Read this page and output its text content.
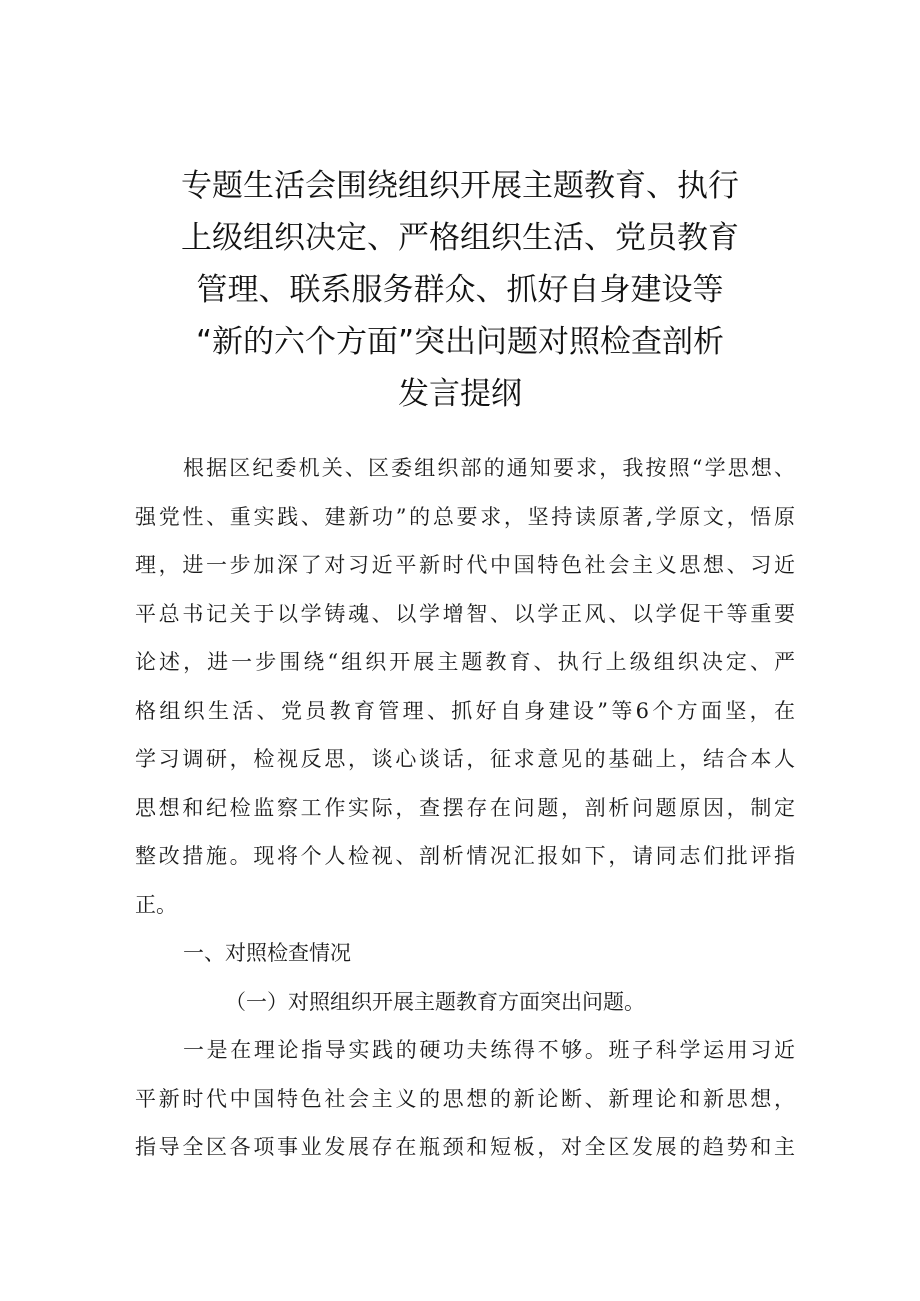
专题生活会围绕组织开展主题教育、执行
上级组织决定、严格组织生活、党员教育
管理、联系服务群众、抓好自身建设等
“新的六个方面”突出问题对照检查剖析
发言提纲
根据区纪委机关、区委组织部的通知要求，我按照“学思想、
强党性、重实践、建新功”的总要求，坚持读原著,学原文，悟原
理，进一步加深了对习近平新时代中国特色社会主义思想、习近
平总书记关于以学铸魂、以学增智、以学正风、以学促干等重要
论述，进一步围绕“组织开展主题教育、执行上级组织决定、严
格组织生活、党员教育管理、抓好自身建设”等6个方面坚，在
学习调研，检视反思，谈心谈话，征求意见的基础上，结合本人
思想和纪检监察工作实际，查摆存在问题，剖析问题原因，制定
整改措施。现将个人检视、剖析情况汇报如下，请同志们批评指
正。
一、对照检查情况
（一）对照组织开展主题教育方面突出问题。
一是在理论指导实践的硬功夫练得不够。班子科学运用习近
平新时代中国特色社会主义的思想的新论断、新理论和新思想，
指导全区各项事业发展存在瓶颈和短板，对全区发展的趋势和主
